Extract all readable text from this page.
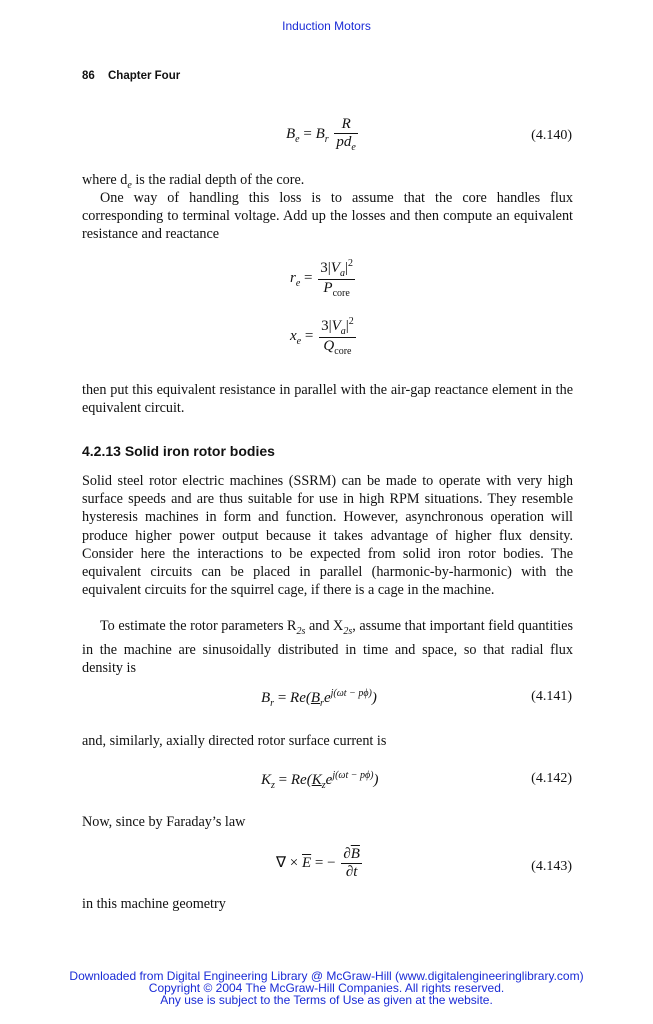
Induction Motors
86 Chapter Four
$B_e = B_r \frac{R}{pd_e}$	(4.140)

where $d_e$ is the radial depth of the core.

One way of handling this loss is to assume that the core handles flux corresponding to terminal voltage. Add up the losses and then compute an equivalent resistance and reactance

$r_e = \frac{3|V_a|^2}{P_{core}}$
$x_e = \frac{3|V_a|^2}{Q_{core}}$

then put this equivalent resistance in parallel with the air-gap reactance element in the equivalent circuit.

4.2.13 Solid iron rotor bodies

Solid steel rotor electric machines (SSRM) can be made to operate with very high surface speeds and are thus suitable for use in high RPM situations. They resemble hysteresis machines in form and function. However, asynchronous operation will produce higher power output because it takes advantage of higher flux density. Consider here the interactions to be expected from solid iron rotor bodies. The equivalent circuits can be placed in parallel (harmonic-by-harmonic) with the equivalent circuits for the squirrel cage, if there is a cage in the machine.

To estimate the rotor parameters $R_{2s}$ and $X_{2s}$, assume that important field quantities in the machine are sinusoidally distributed in time and space, so that radial flux density is

$B_r = Re(B_re^{j(\omega t - p\phi)})$	(4.141)

and, similarly, axially directed rotor surface current is

$K_z = Re(K_ze^{j(\omega t - p\phi)})$	(4.142)

Now, since by Faraday’s law

∇ × $\overline{E}$ = − $\frac{\partial\overline{B}}{\partial t}$	(4.143)

in this machine geometry

Downloaded from Digital Engineering Library @ McGraw-Hill (www.digitalengineeringlibrary.com)
Copyright © 2004 The McGraw-Hill Companies. All rights reserved.
Any use is subject to the Terms of Use as given at the website.
